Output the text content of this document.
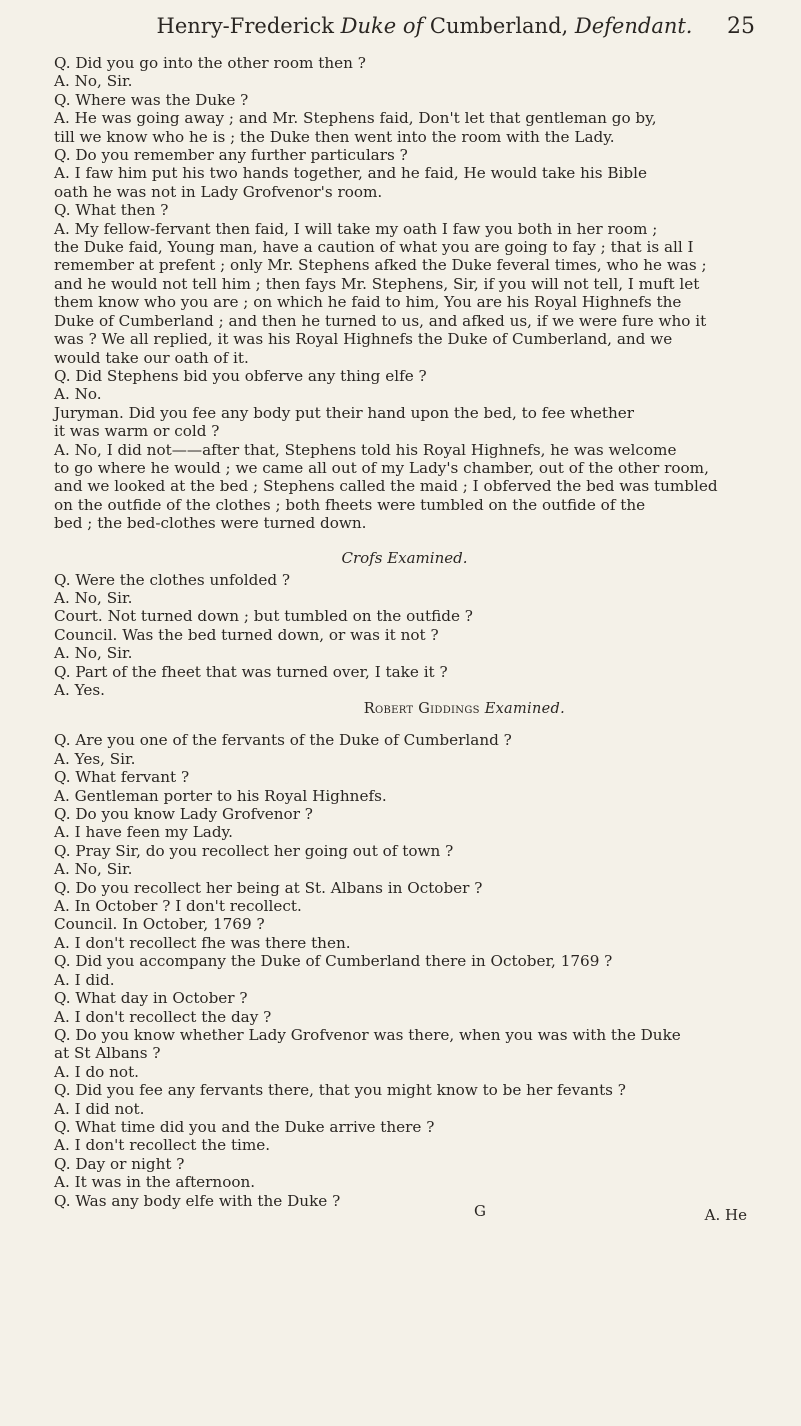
Henry-Frederick Duke of Cumberland, Defendant. 25
Q. Did you go into the other room then ?
A. No, Sir.
Q. Where was the Duke ?
A. He was going away ; and Mr. Stephens faid, Don't let that gentleman go by,
till we know who he is ; the Duke then went into the room with the Lady.
Q. Do you remember any further particulars ?
A. I faw him put his two hands together, and he faid, He would take his Bible
oath he was not in Lady Grofvenor's room.
Q. What then ?
A. My fellow-fervant then faid, I will take my oath I faw you both in her room ;
the Duke faid, Young man, have a caution of what you are going to fay ; that is all I
remember at prefent ; only Mr. Stephens afked the Duke feveral times, who he was ;
and he would not tell him ; then fays Mr. Stephens, Sir, if you will not tell, I muft let
them know who you are ; on which he faid to him, You are his Royal Highnefs the
Duke of Cumberland ; and then he turned to us, and afked us, if we were fure who it
was ? We all replied, it was his Royal Highnefs the Duke of Cumberland, and we
would take our oath of it.
Q. Did Stephens bid you obferve any thing elfe ?
A. No.
Juryman. Did you fee any body put their hand upon the bed, to fee whether
it was warm or cold ?
A. No, I did not——after that, Stephens told his Royal Highnefs, he was welcome
to go where he would ; we came all out of my Lady's chamber, out of the other room,
and we looked at the bed ; Stephens called the maid ; I obferved the bed was tumbled
on the outfide of the clothes ; both fheets were tumbled on the outfide of the
bed ; the bed-clothes were turned down.
Crofs Examined.
Q. Were the clothes unfolded ?
A. No, Sir.
Court. Not turned down ; but tumbled on the outfide ?
Council. Was the bed turned down, or was it not ?
A. No, Sir.
Q. Part of the fheet that was turned over, I take it ?
A. Yes.
Robert Giddings Examined.
Q. Are you one of the fervants of the Duke of Cumberland ?
A. Yes, Sir.
Q. What fervant ?
A. Gentleman porter to his Royal Highnefs.
Q. Do you know Lady Grofvenor ?
A. I have feen my Lady.
Q. Pray Sir, do you recollect her going out of town ?
A. No, Sir.
Q. Do you recollect her being at St. Albans in October ?
A. In October ? I don't recollect.
Council. In October, 1769 ?
A. I don't recollect fhe was there then.
Q. Did you accompany the Duke of Cumberland there in October, 1769 ?
A. I did.
Q. What day in October ?
A. I don't recollect the day ?
Q. Do you know whether Lady Grofvenor was there, when you was with the Duke
at St Albans ?
A. I do not.
Q. Did you fee any fervants there, that you might know to be her fevants ?
A. I did not.
Q. What time did you and the Duke arrive there ?
A. I don't recollect the time.
Q. Day or night ?
A. It was in the afternoon.
Q. Was any body elfe with the Duke ?
G	A. He
